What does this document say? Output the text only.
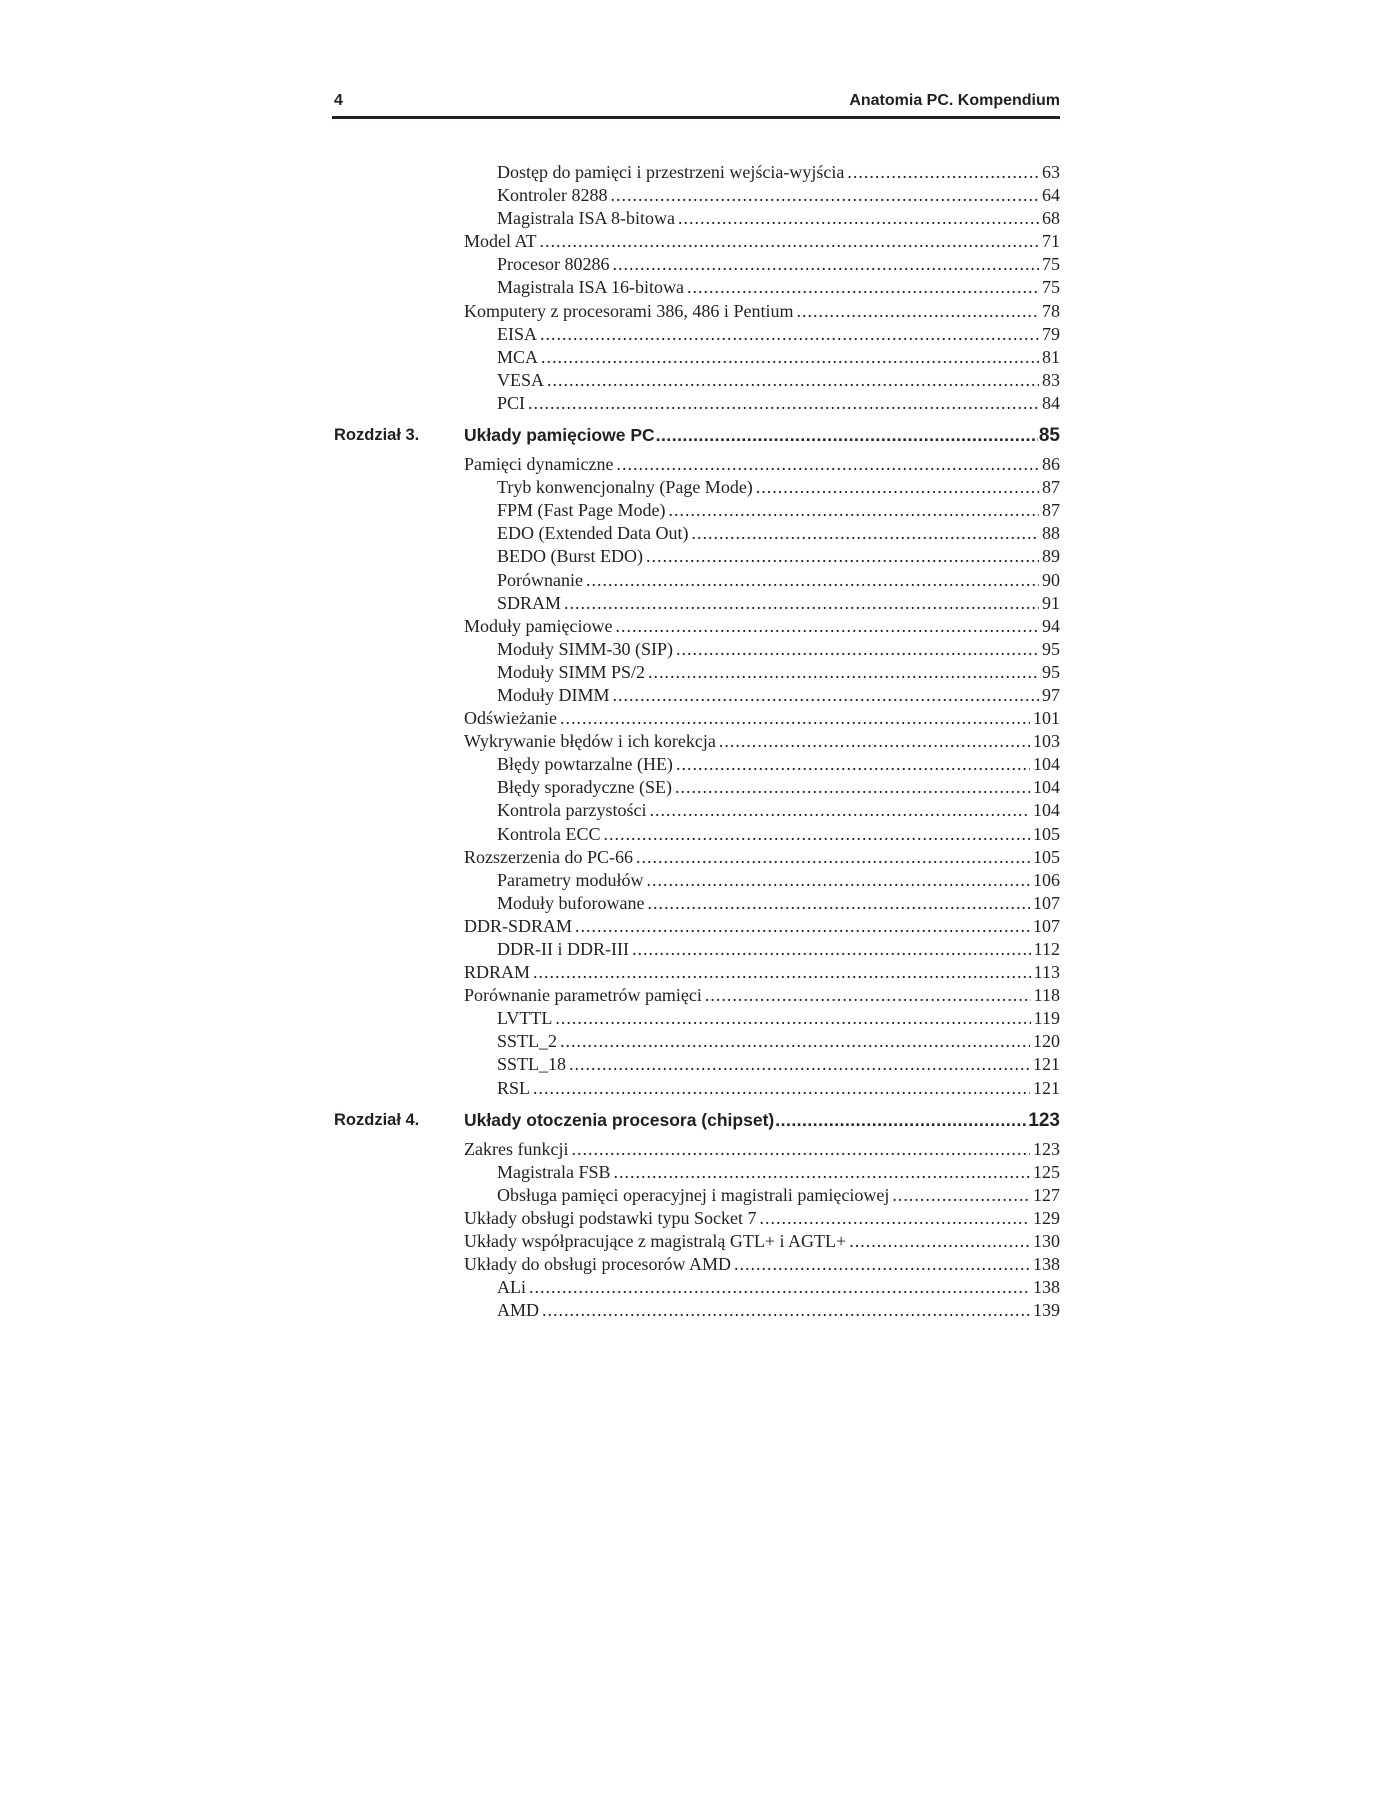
4	Anatomia PC. Kompendium
Dostęp do pamięci i przestrzeni wejścia-wyjścia .....	63
Kontroler 8288 .....	64
Magistrala ISA 8-bitowa .....	68
Model AT .....	71
Procesor 80286 .....	75
Magistrala ISA 16-bitowa .....	75
Komputery z procesorami 386, 486 i Pentium .....	78
EISA .....	79
MCA .....	81
VESA .....	83
PCI .....	84
Rozdział 3.	Układy pamięciowe PC .....	85
Pamięci dynamiczne .....	86
Tryb konwencjonalny (Page Mode) .....	87
FPM (Fast Page Mode) .....	87
EDO (Extended Data Out) .....	88
BEDO (Burst EDO) .....	89
Porównanie .....	90
SDRAM .....	91
Moduły pamięciowe .....	94
Moduły SIMM-30 (SIP) .....	95
Moduły SIMM PS/2 .....	95
Moduły DIMM .....	97
Odświeżanie .....	101
Wykrywanie błędów i ich korekcja .....	103
Błędy powtarzalne (HE) .....	104
Błędy sporadyczne (SE) .....	104
Kontrola parzystości .....	104
Kontrola ECC .....	105
Rozszerzenia do PC-66 .....	105
Parametry modułów .....	106
Moduły buforowane .....	107
DDR-SDRAM .....	107
DDR-II i DDR-III .....	112
RDRAM .....	113
Porównanie parametrów pamięci .....	118
LVTTL .....	119
SSTL_2 .....	120
SSTL_18 .....	121
RSL .....	121
Rozdział 4.	Układy otoczenia procesora (chipset) .....	123
Zakres funkcji .....	123
Magistrala FSB .....	125
Obsługa pamięci operacyjnej i magistrali pamięciowej .....	127
Układy obsługi podstawki typu Socket 7 .....	129
Układy współpracujące z magistralą GTL+ i AGTL+ .....	130
Układy do obsługi procesorów AMD .....	138
ALi .....	138
AMD .....	139
